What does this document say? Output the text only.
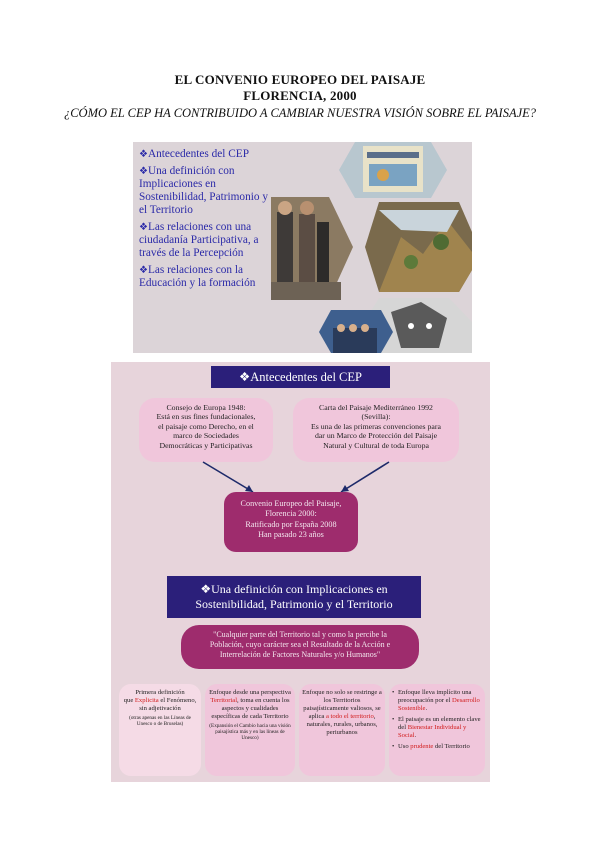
EL CONVENIO EUROPEO DEL PAISAJE
FLORENCIA, 2000
¿CÓMO EL CEP HA CONTRIBUIDO A CAMBIAR NUESTRA VISIÓN SOBRE EL PAISAJE?
❖Antecedentes del CEP
❖Una definición con Implicaciones en Sostenibilidad, Patrimonio y el Territorio
❖Las relaciones con una ciudadanía Participativa, a través de la Percepción
❖Las relaciones con la Educación y la formación
❖Antecedentes del CEP
Consejo de Europa 1948:
Está en sus fines fundacionales,
el paisaje como Derecho, en el
marco de Sociedades
Democráticas y Participativas
Carta del Paisaje Mediterráneo 1992
(Sevilla):
Es una de las primeras convenciones para
dar un Marco de Protección del Paisaje
Natural y Cultural de toda Europa
Convenio Europeo del Paisaje,
Florencia 2000:
Ratificado por España 2008
Han pasado 23 años
❖Una definición con Implicaciones en
Sostenibilidad, Patrimonio y el Territorio
"Cualquier parte del Territorio tal y como la percibe la
Población, cuyo carácter sea el Resultado de la Acción e
Interrelación de Factores Naturales y/o Humanos"
Primera definición
que Explicita el Fenómeno, sin adjetivación
(otras apenas en las Líneas de Unesco o de Bruselas)
Enfoque desde una perspectiva Territorial, toma en cuenta los aspectos y cualidades específicas de cada Territorio
(Expansión el Cambio hacia una visión paisajística más y en las líneas de Unesco)
Enfoque no solo se restringe a los Territorios paisajísticamente valiosos, se aplica a todo el territorio, naturales, rurales, urbanos, periurbanos
• Enfoque lleva implícito una preocupación por el Desarrollo Sostenible.
• El paisaje es un elemento clave del Bienestar Individual y Social.
• Uso prudente del Territorio
